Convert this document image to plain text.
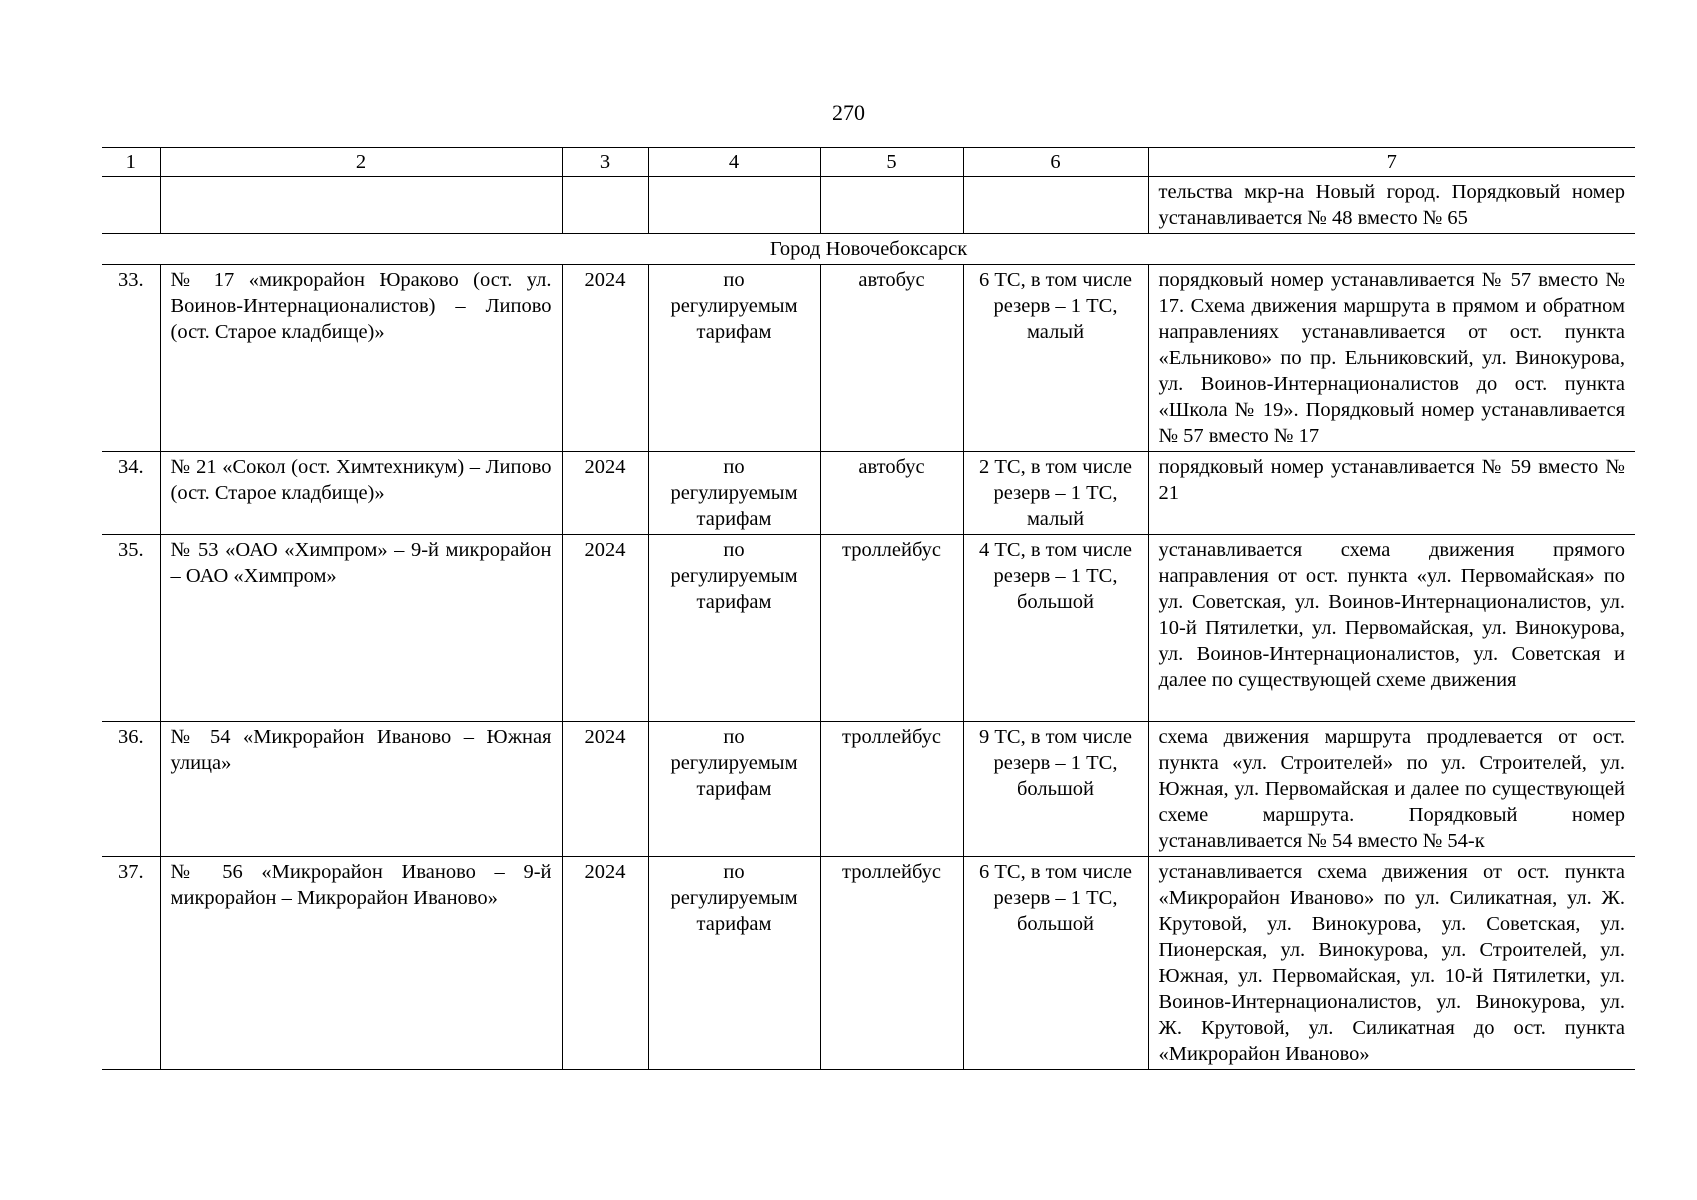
270
1	2	3	4	5	6	7
						тельства мкр-на Новый город. Порядковый номер устанавливается № 48 вместо № 65
Город Новочебоксарск						
33.	№ 17 «микрорайон Юраково (ост. ул. Воинов-Интернационалистов) – Липово (ост. Старое кладбище)»	2024	по регулируемым тарифам	автобус	6 ТС, в том числе резерв – 1 ТС, малый	порядковый номер устанавливается № 57 вместо № 17. Схема движения маршрута в прямом и обратном направлениях устанавливается от ост. пункта «Ельниково» по пр. Ельниковский, ул. Винокурова, ул. Воинов-Интернационалистов до ост. пункта «Школа № 19». Порядковый номер устанавливается № 57 вместо № 17
34.	№ 21 «Сокол (ост. Химтехникум) – Липово (ост. Старое кладбище)»	2024	по регулируемым тарифам	автобус	2 ТС, в том числе резерв – 1 ТС, малый	порядковый номер устанавливается № 59 вместо № 21
35.	№ 53 «ОАО «Химпром» – 9-й микрорайон – ОАО «Химпром»	2024	по регулируемым тарифам	троллейбус	4 ТС, в том числе резерв – 1 ТС, большой	устанавливается схема движения прямого направления от ост. пункта «ул. Первомайская» по ул. Советская, ул. Воинов-Интернационалистов, ул. 10-й Пятилетки, ул. Первомайская, ул. Винокурова, ул. Воинов-Интернационалистов, ул. Советская и далее по существующей схеме движения
36.	№ 54 «Микрорайон Иваново – Южная улица»	2024	по регулируемым тарифам	троллейбус	9 ТС, в том числе резерв – 1 ТС, большой	схема движения маршрута продлевается от ост. пункта «ул. Строителей» по ул. Строителей, ул. Южная, ул. Первомайская и далее по существующей схеме маршрута. Порядковый номер устанавливается № 54 вместо № 54-к
37.	№ 56 «Микрорайон Иваново – 9-й микрорайон – Микрорайон Иваново»	2024	по регулируемым тарифам	троллейбус	6 ТС, в том числе резерв – 1 ТС, большой	устанавливается схема движения от ост. пункта «Микрорайон Иваново» по ул. Силикатная, ул. Ж. Крутовой, ул. Винокурова, ул. Советская, ул. Пионерская, ул. Винокурова, ул. Строителей, ул. Южная, ул. Первомайская, ул. 10-й Пятилетки, ул. Воинов-Интернационалистов, ул. Винокурова, ул. Ж. Крутовой, ул. Силикатная до ост. пункта «Микрорайон Иваново»
